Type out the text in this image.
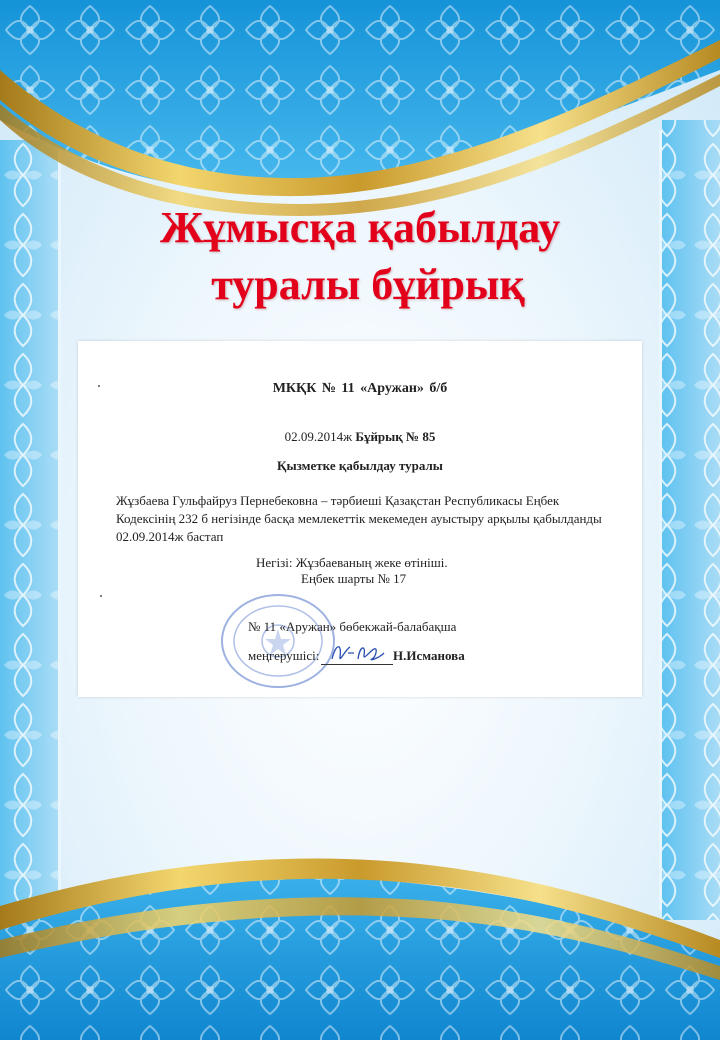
Жұмысқа қабылдау
туралы бұйрық
МКҚК № 11 «Аружан» б/б
02.09.2014ж Бұйрық № 85
Қызметке қабылдау туралы
Жұзбаева Гульфайруз Пернебековна – тәрбиеші Қазақстан Республикасы Еңбек Кодексінің 232 б негізінде басқа мемлекеттік мекемеден ауыстыру арқылы қабылданды 02.09.2014ж бастап
Негізі: Жұзбаеваның жеке өтініші.
Еңбек шарты № 17
№ 11 «Аружан» бөбекжай-балабақша
меңгерушісі:	Н.Исманова
